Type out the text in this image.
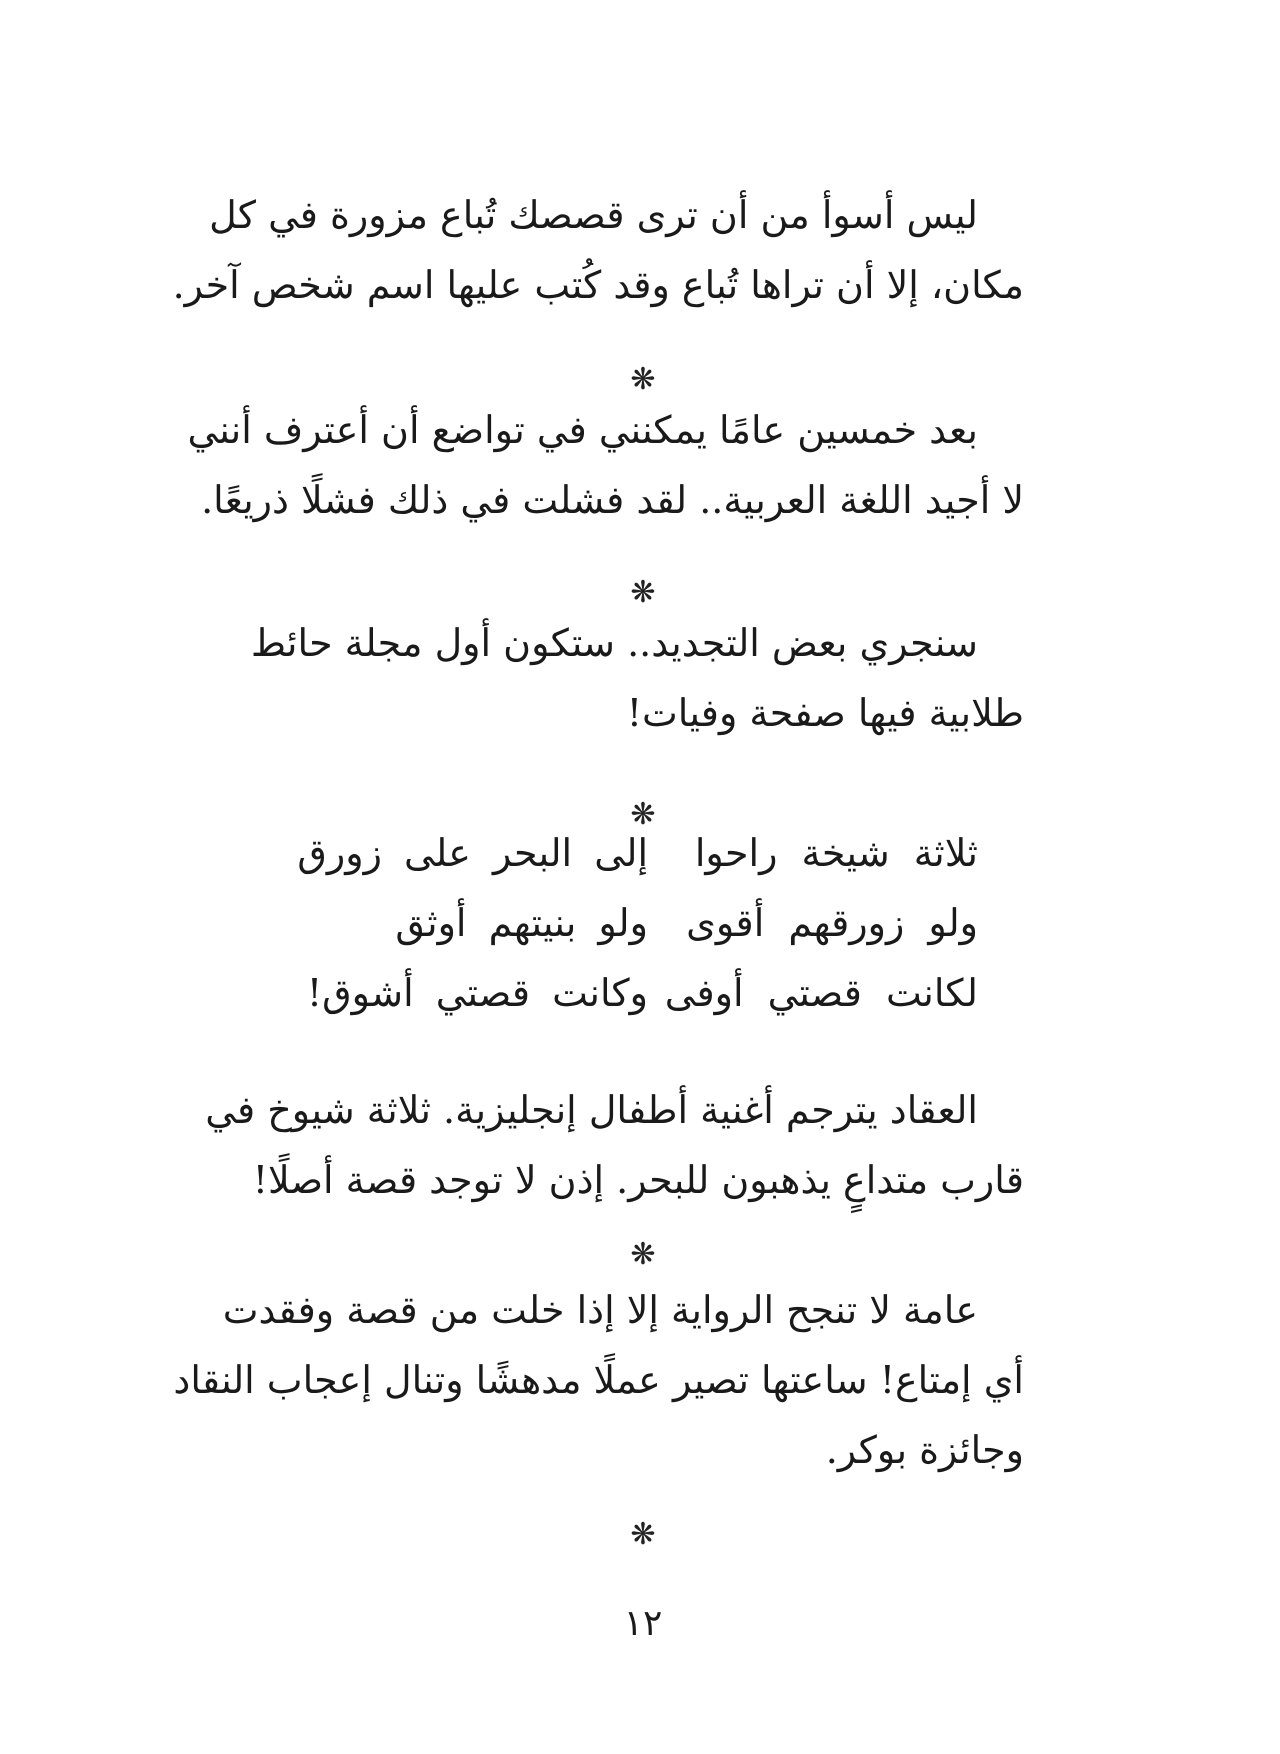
ليس أسوأ من أن ترى قصصك تُباع مزورة في كل
مكان، إلا أن تراها تُباع وقد كُتب عليها اسم شخص آخر.
❋
بعد خمسين عامًا يمكنني في تواضع أن أعترف أنني
لا أجيد اللغة العربية.. لقد فشلت في ذلك فشلًا ذريعًا.
❋
سنجري بعض التجديد.. ستكون أول مجلة حائط
طلابية فيها صفحة وفيات!
❋
ثلاثة شيخة راحوا
إلى البحر على زورق
ولو زورقهم أقوى
ولو بنيتهم أوثق
لكانت قصتي أوفى
وكانت قصتي أشوق!
العقاد يترجم أغنية أطفال إنجليزية. ثلاثة شيوخ في
قارب متداعٍ يذهبون للبحر. إذن لا توجد قصة أصلًا!
❋
عامة لا تنجح الرواية إلا إذا خلت من قصة وفقدت
أي إمتاع! ساعتها تصير عملًا مدهشًا وتنال إعجاب النقاد
وجائزة بوكر.
❋
١٢
